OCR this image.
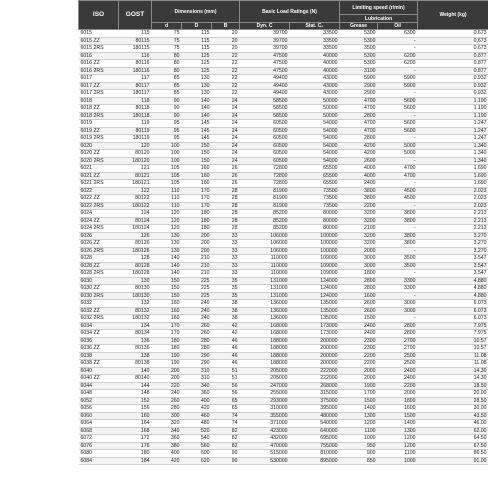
ISO	GOST	Dimensions (mm)			Basic Load Ratings (N)		Limiting speed (r/min)		Weight (kg)
							Lubrication		
		d	D	B	Dyn. C	Stat. C₀	Grease	Oil	
6015	115	75	115	20	39700	33500	5300	6300	0.673
6015 ZZ	80115	75	115	20	39700	33500	5300	-	0.673
6015 2RS	180115	75	115	20	39700	33500	3500	-	0.673
6016	116	80	125	22	47500	40000	5300	6200	0.877
6016 ZZ	80116	80	125	22	47500	40000	5300	6200	0.877
6016 2RS	180116	80	125	22	47500	40000	3100	-	0.877
6017	117	85	130	22	49400	43000	5900	5900	0.932
6017 ZZ	80117	85	130	22	49400	43000	2900	5900	0.932
6017 2RS	180117	85	130	22	49400	43000	2900	-	0.932
6018	118	90	140	24	58500	50000	4700	5600	1.190
6018 ZZ	80118	90	140	24	58500	50000	4700	5600	1.190
6018 2RS	180118	90	140	24	58500	50000	2800	-	1.190
6019	119	95	145	24	60500	54000	4700	5600	1.247
6019 ZZ	80119	95	145	24	60500	54000	4700	5600	1.247
6019 2RS	180119	95	145	24	60500	54000	2800	-	1.247
6020	120	100	150	24	60500	54000	4200	5000	1.340
6020 ZZ	80120	100	150	24	60500	54000	4200	5000	1.340
6020 2RS	180120	100	150	24	60500	54000	2600	-	1.340
6021	121	105	160	26	72800	65500	4000	4700	1.690
6021 ZZ	80121	105	160	26	72800	65500	4000	4700	1.690
6021 2RS	180121	105	160	26	72800	65500	2400	-	1.690
6022	122	110	170	28	81900	73500	3800	4500	2.023
6022 ZZ	80122	110	170	28	81900	73500	3800	4500	2.023
6022 2RS	180122	110	170	28	81900	73500	2200	-	2.023
6024	124	120	180	28	85200	80000	3200	3800	2.213
6024 ZZ	80124	120	180	28	85200	80000	3200	3800	2.213
6024 2RS	180124	120	180	28	85200	80000	2100	-	2.213
6026	126	130	200	33	106000	100000	3200	3800	3.270
6026 ZZ	80126	130	200	33	106000	100000	3200	3800	3.270
6026 2RS	180126	130	200	33	106000	100000	2000	-	3.270
6028	128	140	210	33	110000	109000	3000	3500	3.547
6028 ZZ	80128	140	210	33	110000	109000	3000	3500	3.547
6028 2RS	180128	140	210	33	110000	109000	1800	-	3.547
6030	130	150	225	35	131000	124000	2800	3300	4.880
6030 ZZ	80130	150	225	35	131000	124000	2800	3300	4.880
6030 2RS	180130	150	225	35	131000	124000	1600	-	4.880
6032	132	160	240	38	136000	135000	2600	3000	6.073
6032 ZZ	80132	160	240	38	136000	135000	2600	3000	6.073
6032 2RS	180132	160	240	38	136000	135000	1500	-	6.073
6034	134	170	260	42	168000	173000	2400	2800	7.975
6034 ZZ	80134	170	260	42	168000	173000	2400	2800	7.975
6036	136	180	280	46	188000	200000	2300	2700	10.57
6036 ZZ	80136	180	280	46	188000	200000	2300	2700	10.57
6038	138	190	290	46	188000	200000	2200	2500	11.08
6038 ZZ	80138	190	290	46	188000	200000	2200	2500	11.08
6040	140	200	310	51	205000	222000	2000	2400	14.30
6040 ZZ	80140	200	310	51	205000	222000	2000	2400	14.30
6044	144	220	340	56	247000	268000	1900	2200	18.50
6048	148	240	360	56	255000	315000	1700	2000	20.00
6052	152	260	400	65	293000	375000	1500	1800	28.50
6056	156	280	420	65	310000	395000	1400	1600	30.00
6060	160	300	460	74	355000	480000	1300	1500	43.50
6064	164	320	480	74	371000	540000	1200	1400	46.00
6068	168	340	520	82	423000	640000	1100	1300	62.00
6072	172	360	540	82	432000	695000	1000	1200	64.50
6076	176	380	560	82	470000	755000	950	1200	67.50
6080	180	400	600	90	515000	810000	900	1100	86.50
6084	184	420	620	90	530000	895000	850	1000	91.00
